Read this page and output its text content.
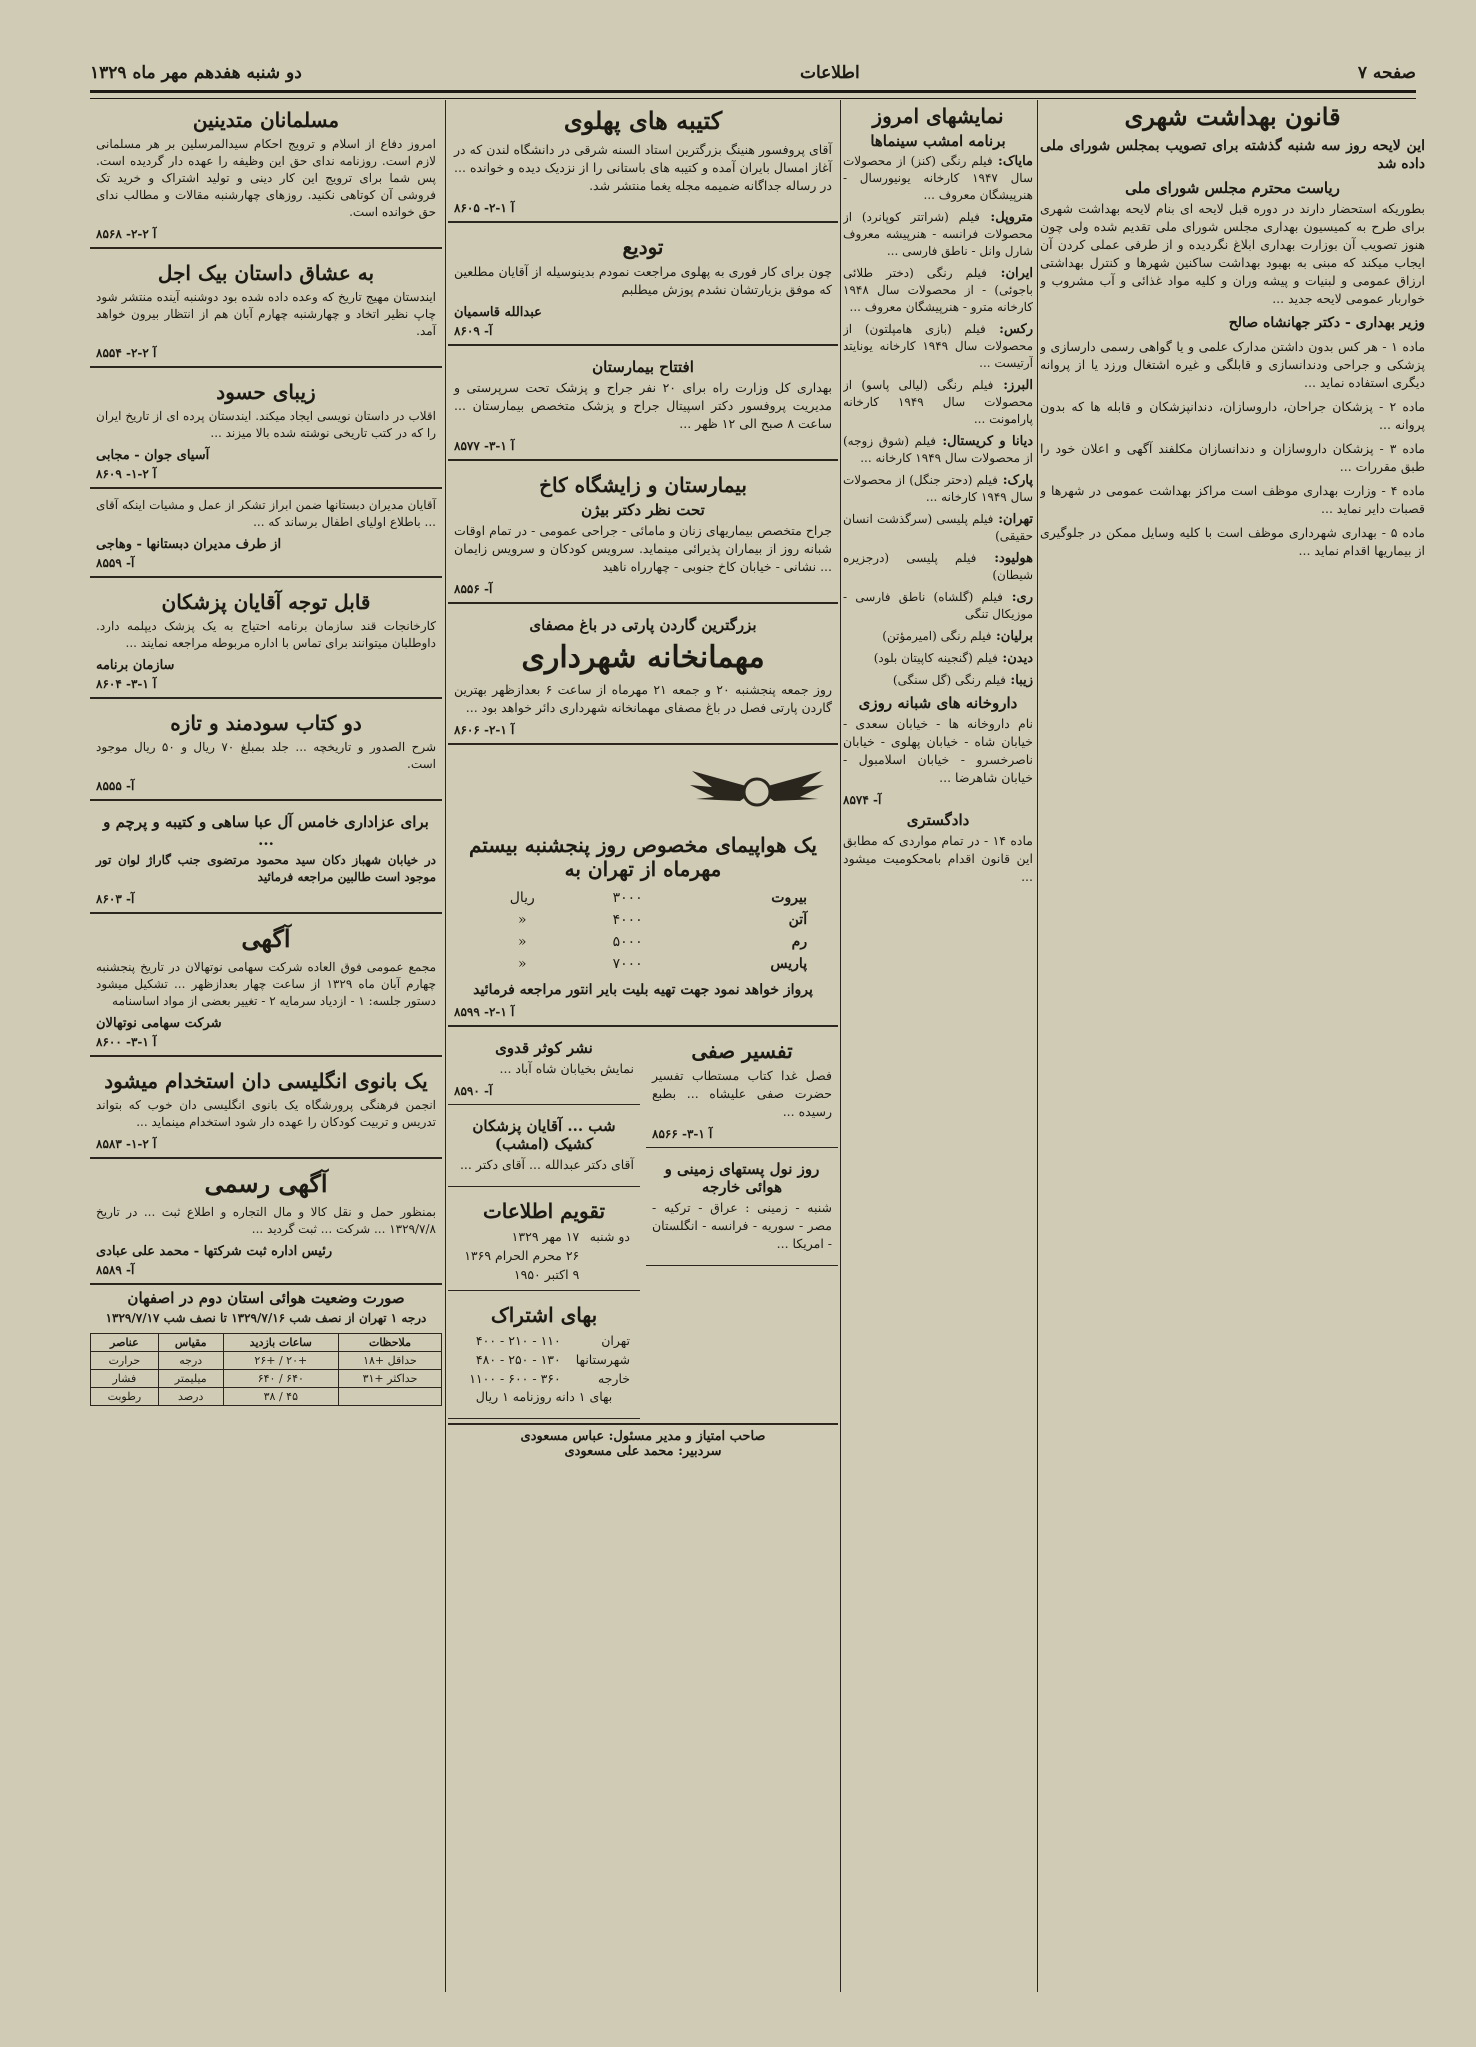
صفحه ۷
اطلاعات
دو شنبه هفدهم مهر ماه ۱۳۲۹
قانون بهداشت شهری

این لایحه روز سه شنبه گذشته برای تصویب بمجلس شورای ملی داده شد

ریاست محترم مجلس شورای ملی

بطوریکه استحضار دارند در دوره قبل لایحه ای بنام لایحه بهداشت شهری برای طرح به کمیسیون بهداری مجلس شورای ملی تقدیم شده ولی چون هنوز تصویب آن بوزارت بهداری ابلاغ نگردیده و از طرفی عملی کردن آن ایجاب میکند که مبنی به بهبود بهداشت ساکنین شهرها و کنترل بهداشتی ارزاق عمومی و لبنیات و پیشه وران و کلیه مواد غذائی و آب مشروب و خواربار عمومی لایحه جدید ...

وزیر بهداری - دکتر جهانشاه صالح

ماده ۱ - هر کس بدون داشتن مدارک علمی و یا گواهی رسمی دارسازی و پزشکی و جراحی ودندانسازی و قابلگی و غیره اشتغال ورزد یا از پروانه دیگری استفاده نماید ...

ماده ۲ - پزشکان جراحان، داروسازان، دندانپزشکان و قابله ها که بدون پروانه ...

ماده ۳ - پزشکان داروسازان و دندانسازان مکلفند آگهی و اعلان خود را طبق مقررات ...

ماده ۴ - وزارت بهداری موظف است مراکز بهداشت عمومی در شهرها و قصبات دایر نماید ...

ماده ۵ - بهداری شهرداری موظف است با کلیه وسایل ممکن در جلوگیری از بیماریها اقدام نماید ...

نمایشهای امروز
برنامه امشب سینماها

مایاک: فیلم رنگی (کنز) از محصولات سال ۱۹۴۷ کارخانه یونیورسال - هنرپیشگان معروف ...

متروپل: فیلم (شراتتر کوپانرد) از محصولات فرانسه - هنرپیشه معروف شارل وانل - ناطق فارسی ...

ایران: فیلم رنگی (دختر طلائی باجوئی) - از محصولات سال ۱۹۴۸ کارخانه مترو - هنرپیشگان معروف ...

رکس: فیلم (بازی هامپلتون) از محصولات سال ۱۹۴۹ کارخانه یونایتد آرتیست ...

البرز: فیلم رنگی (لیالی پاسو) از محصولات سال ۱۹۴۹ کارخانه پارامونت ...

دیانا و کریستال: فیلم (شوق زوجه) از محصولات سال ۱۹۴۹ کارخانه ...

پارک: فیلم (دحتر جنگل) از محصولات سال ۱۹۴۹ کارخانه ...

تهران: فیلم پلیسی (سرگذشت انسان حقیقی)

هولیود: فیلم پلیسی (درجزیره شیطان)

ری: فیلم (گلشاه) ناطق فارسی - موزیکال تنگی

برلیان: فیلم رنگی (امیرمؤتن)

دیدن: فیلم (گنجینه کاپیتان بلود)

زیبا: فیلم رنگی (گل سنگی)

داروخانه های شبانه روزی

نام داروخانه ها - خیابان سعدی - خیابان شاه - خیابان پهلوی - خیابان ناصرخسرو - خیابان اسلامبول - خیابان شاهرضا ...

۸۵۷۴ -آ
دادگستری

ماده ۱۴ - در تمام مواردی که مطابق این قانون اقدام بامحکومیت میشود ...

کتیبه های پهلوی

آقای پروفسور هنینگ بزرگترین استاد السنه شرقی در دانشگاه لندن که در آغاز امسال بایران آمده و کتیبه های باستانی را از نزدیک دیده و خوانده ... در رساله جداگانه ضمیمه مجله یغما منتشر شد.

۸۶۰۵ -آ ۱-۲
تودیع

چون برای کار فوری به پهلوی مراجعت نمودم بدینوسیله از آقایان مطلعین که موفق بزیارتشان نشدم پوزش میطلبم

عبدالله قاسمیان
۸۶۰۹ -آ
افتتاح بیمارستان

بهداری کل وزارت راه برای ۲۰ نفر جراح و پزشک تحت سرپرستی و مدیریت پروفسور دکتر اسپیتال جراح و پزشک متخصص بیمارستان ... ساعت ۸ صبح الی ۱۲ ظهر ...

۸۵۷۷ -آ ۱-۳
بیمارستان و زایشگاه کاخ
تحت نظر دکتر بیژن

جراح متخصص بیماریهای زنان و مامائی - جراحی عمومی - در تمام اوقات شبانه روز از بیماران پذیرائی مینماید. سرویس کودکان و سرویس زایمان ... نشانی - خیابان کاخ جنوبی - چهارراه ناهید

۸۵۵۶ -آ
بزرگترین گاردن پارتی در باغ مصفای
مهمانخانه شهرداری

روز جمعه پنجشنبه ۲۰ و جمعه ۲۱ مهرماه از ساعت ۶ بعدازظهر بهترین گاردن پارتی فصل در باغ مصفای مهمانخانه شهرداری دائر خواهد بود ...

۸۶۰۶ -آ ۱-۲
یک هواپیمای مخصوص روز پنجشنبه بیستم مهرماه از تهران به
بیروت	۳۰۰۰	ریال
آتن	۴۰۰۰	«
رم	۵۰۰۰	«
پاریس	۷۰۰۰	«

پرواز خواهد نمود جهت تهیه بلیت بایر انتور مراجعه فرمائید

۸۵۹۹ -آ ۱-۲
تفسیر صفی

فصل غدا کتاب مستطاب تفسیر حضرت صفی علیشاه ... بطبع رسیده ...

۸۵۶۶ -آ ۱-۳
روز نول پستهای زمینی و هوائی خارجه

شنبه - زمینی : عراق - ترکیه - مصر - سوریه - فرانسه - انگلستان - امریکا ...

نشر کوثر قدوی

نمایش بخیابان شاه آباد ...

۸۵۹۰ -آ
شب ... آقایان پزشکان کشیک (امشب)

آقای دکتر عبدالله ... آقای دکتر ...

تقویم اطلاعات
دو شنبه	۱۷ مهر ۱۳۲۹
	۲۶ محرم الحرام ۱۳۶۹
	۹ اکتبر ۱۹۵۰
بهای اشتراک
تهران	۱۱۰ - ۲۱۰ - ۴۰۰
شهرستانها	۱۳۰ - ۲۵۰ - ۴۸۰
خارجه	۳۶۰ - ۶۰۰ - ۱۱۰۰

بهای ۱ دانه روزنامه ۱ ریال

صاحب امتیاز و مدیر مسئول: عباس مسعودی
سردبیر: محمد علی مسعودی
مسلمانان متدینین

امروز دفاع از اسلام و ترویج احکام سیدالمرسلین بر هر مسلمانی لازم است. روزنامه ندای حق این وظیفه را عهده دار گردیده است. پس شما برای ترویج این کار دینی و تولید اشتراک و خرید تک فروشی آن کوتاهی نکنید. روزهای چهارشنبه مقالات و مطالب ندای حق خوانده است.

۸۵۶۸ -آ ۲-۲
به عشاق داستان بیک اجل

ایندستان مهیج تاریخ که وعده داده شده بود دوشنبه آینده منتشر شود چاپ نظیر اتخاد و چهارشنبه چهارم آبان هم از انتظار بیرون خواهد آمد.

۸۵۵۴ -آ ۲-۲
زیبای حسود

اقلاب در داستان نویسی ایجاد میکند. ایندستان پرده ای از تاریخ ایران را که در کتب تاریخی نوشته شده بالا میزند ...

آسیای جوان - مجابی
۸۶۰۹ -آ ۲-۱

آقایان مدیران دبستانها ضمن ابراز تشکر از عمل و مشیات اینکه آقای ... باطلاع اولیای اطفال برساند که ...

از طرف مدیران دبستانها - وهاجی
۸۵۵۹ -آ
قابل توجه آقایان پزشکان

کارخانجات قند سازمان برنامه احتیاج به یک پزشک دیپلمه دارد. داوطلبان میتوانند برای تماس با اداره مربوطه مراجعه نمایند ...

سازمان برنامه
۸۶۰۴ -آ ۱-۳
دو کتاب سودمند و تازه

شرح الصدور و تاریخچه ... جلد بمبلغ ۷۰ ریال و ۵۰ ریال موجود است.

۸۵۵۵ -آ
برای عزاداری خامس آل عبا ساهی و کتیبه و پرچم و ...

در خیابان شهباز دکان سید محمود مرتضوی جنب گاراژ لوان تور موجود است طالبین مراجعه فرمائید

۸۶۰۳ -آ
آگهی

مجمع عمومی فوق العاده شرکت سهامی نوتهالان در تاریخ پنجشنبه چهارم آبان ماه ۱۳۲۹ از ساعت چهار بعدازظهر ... تشکیل میشود دستور جلسه: ۱ - ازدیاد سرمایه ۲ - تغییر بعضی از مواد اساسنامه

شرکت سهامی نوتهالان
۸۶۰۰ -آ ۱-۳
یک بانوی انگلیسی دان استخدام میشود

انجمن فرهنگی پرورشگاه یک بانوی انگلیسی دان خوب که بتواند تدریس و تربیت کودکان را عهده دار شود استخدام مینماید ...

۸۵۸۳ -آ ۲-۱
آگهی رسمی

بمنظور حمل و نقل کالا و مال التجاره و اطلاع ثبت ... در تاریخ ۱۳۲۹/۷/۸ ... شرکت ... ثبت گردید ...

رئیس اداره ثبت شرکتها - محمد علی عبادی
۸۵۸۹ -آ
صورت وضعیت هوائی استان دوم در اصفهان

درجه ۱ تهران از نصف شب ۱۳۲۹/۷/۱۶ تا نصف شب ۱۳۲۹/۷/۱۷

ملاحظات	ساعات بازدید	مقیاس	عناصر
حداقل +۱۸	+۲۰ / +۲۶	درجه	حرارت
حداکثر +۳۱	۶۴۰ / ۶۴۰	میلیمتر	فشار
	۴۵ / ۳۸	درصد	رطوبت
